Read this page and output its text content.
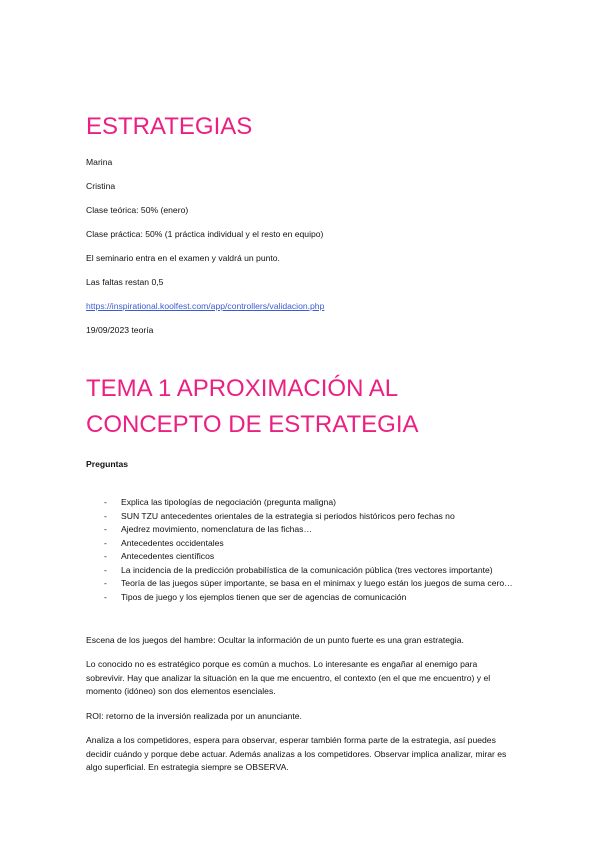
ESTRATEGIAS
Marina
Cristina
Clase teórica: 50% (enero)
Clase práctica: 50% (1 práctica individual y el resto en equipo)
El seminario entra en el examen y valdrá un punto.
Las faltas restan 0,5
https://inspirational.koolfest.com/app/controllers/validacion.php
19/09/2023 teoría
TEMA 1 APROXIMACIÓN AL
CONCEPTO DE ESTRATEGIA
Preguntas
- Explica las tipologías de negociación (pregunta maligna)
- SUN TZU antecedentes orientales de la estrategia si periodos históricos pero fechas no
- Ajedrez movimiento, nomenclatura de las fichas…
- Antecedentes occidentales
- Antecedentes científicos
- La incidencia de la predicción probabilística de la comunicación pública (tres vectores importante)
- Teoría de las juegos súper importante, se basa en el minimax y luego están los juegos de suma cero…
- Tipos de juego y los ejemplos tienen que ser de agencias de comunicación

Escena de los juegos del hambre: Ocultar la información de un punto fuerte es una gran estrategia.

Lo conocido no es estratégico porque es común a muchos. Lo interesante es engañar al enemigo para sobrevivir. Hay que analizar la situación en la que me encuentro, el contexto (en el que me encuentro) y el momento (idóneo) son dos elementos esenciales.

ROI: retorno de la inversión realizada por un anunciante.

Analiza a los competidores, espera para observar, esperar también forma parte de la estrategia, así puedes decidir cuándo y porque debe actuar. Además analizas a los competidores. Observar implica analizar, mirar es algo superficial. En estrategia siempre se OBSERVA.
